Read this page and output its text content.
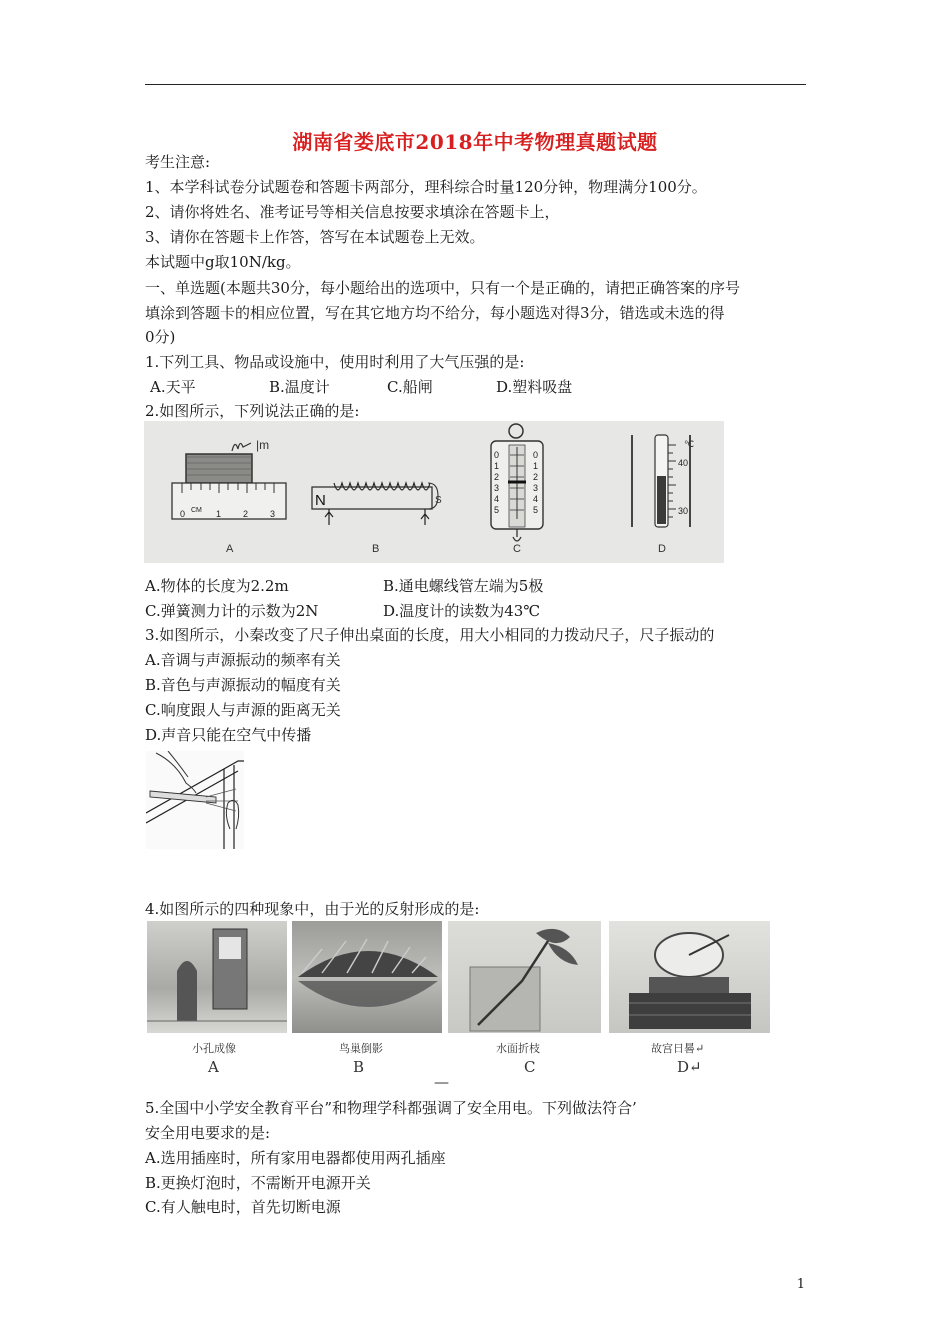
湖南省娄底市2018年中考物理真题试题
考生注意:
1、本学科试卷分试题卷和答题卡两部分，理科综合时量120分钟，物理满分100分。
2、请你将姓名、准考证号等相关信息按要求填涂在答题卡上，
3、请你在答题卡上作答，答写在本试题卷上无效。
本试题中g取10N/kg。
一、单选题(本题共30分，每小题给出的选项中，只有一个是正确的，请把正确答案的序号
填涂到答题卡的相应位置，写在其它地方均不给分，每小题选对得3分，错选或未选的得
0分)
1.下列工具、物品或设施中，使用时利用了大气压强的是:
A.天平	B.温度计	C.船闸	D.塑料吸盘
2.如图所示，下列说法正确的是:
|m
0 CM 1 2 3
A
N	S
B
0
1
2
3
4
5
0
1
2
3
4
5
C
℃
40
30
D
A.物体的长度为2.2m	B.通电螺线管左端为5极
C.弹簧测力计的示数为2N	D.温度计的读数为43℃
3.如图所示，小秦改变了尺子伸出桌面的长度，用大小相同的力拨动尺子，尺子振动的
A.音调与声源振动的频率有关
B.音色与声源振动的幅度有关
C.响度跟人与声源的距离无关
D.声音只能在空气中传播
4.如图所示的四种现象中，由于光的反射形成的是:
小孔成像	鸟巢倒影	水面折枝	故宫日晷↵
A	B	C	D↵
—
5.全国中小学安全教育平台”和物理学科都强调了安全用电。下列做法符合’
安全用电要求的是:
A.选用插座时，所有家用电器都使用两孔插座
B.更换灯泡时，不需断开电源开关
C.有人触电时，首先切断电源
1
